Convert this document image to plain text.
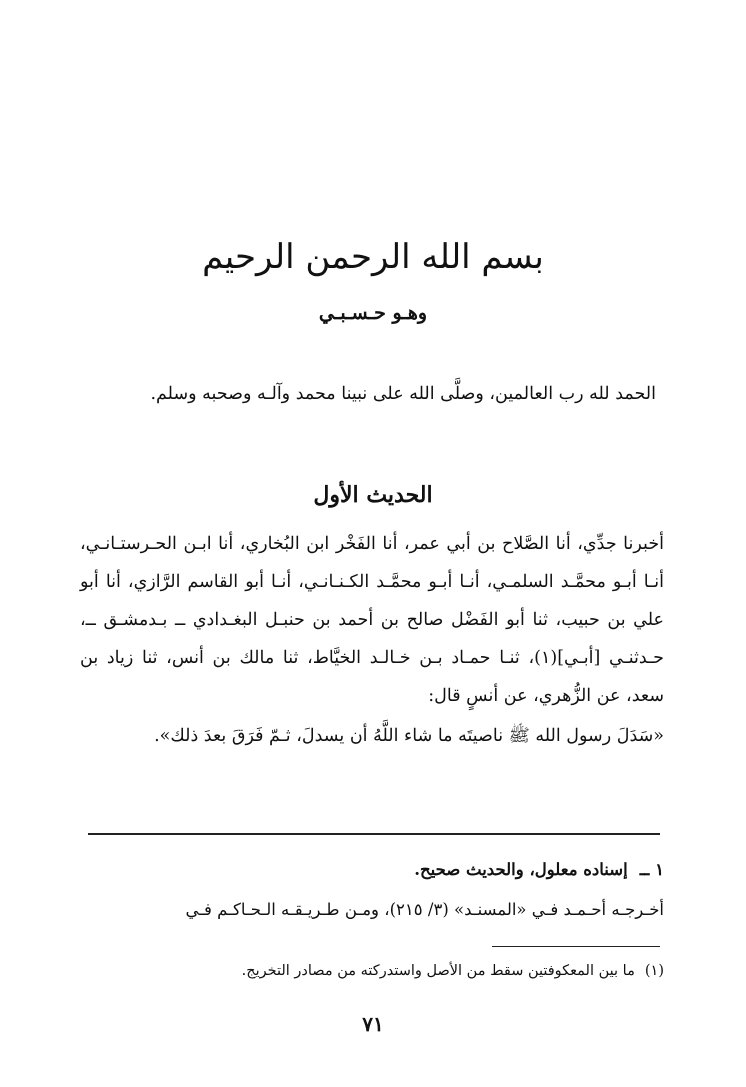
بسم الله الرحمن الرحيم
وهـو حـسـبـي

الحمد لله رب العالمين، وصلَّى الله على نبينا محمد وآلـه وصحبه وسلم.

الحديث الأول

أخبرنا جدِّي، أنا الصَّلاح بن أبي عمر، أنا الفَخْر ابن البُخاري، أنا ابـن الحـرستـانـي، أنـا أبـو محمَّـد السلمـي، أنـا أبـو محمَّـد الكـنـانـي، أنـا أبو القاسم الرَّازي، أنا أبو علي بن حبيب، ثنا أبو الفَضْل صالح بن أحمد بن حنبـل البغـدادي ــ بـدمشـق ــ، حـدثنـي [أبـي](١)، ثنـا حمـاد بـن خـالـد الخيَّاط، ثنا مالك بن أنس، ثنا زياد بن سعد، عن الزُّهري، عن أنسٍ قال:

«سَدَلَ رسول الله ﷺ ناصيتَه ما شاء اللَّهُ أن يسدلَ، ثـمّ فَرَقَ بعدَ ذلك».

١ ــإسناده معلول، والحديث صحيح.

أخـرجـه أحـمـد فـي «المسنـد» (٣/ ٢١٥)، ومـن طـريـقـه الـحـاكـم فـي

(١)ما بين المعكوفتين سقط من الأصل واستدركته من مصادر التخريج.
٧١
